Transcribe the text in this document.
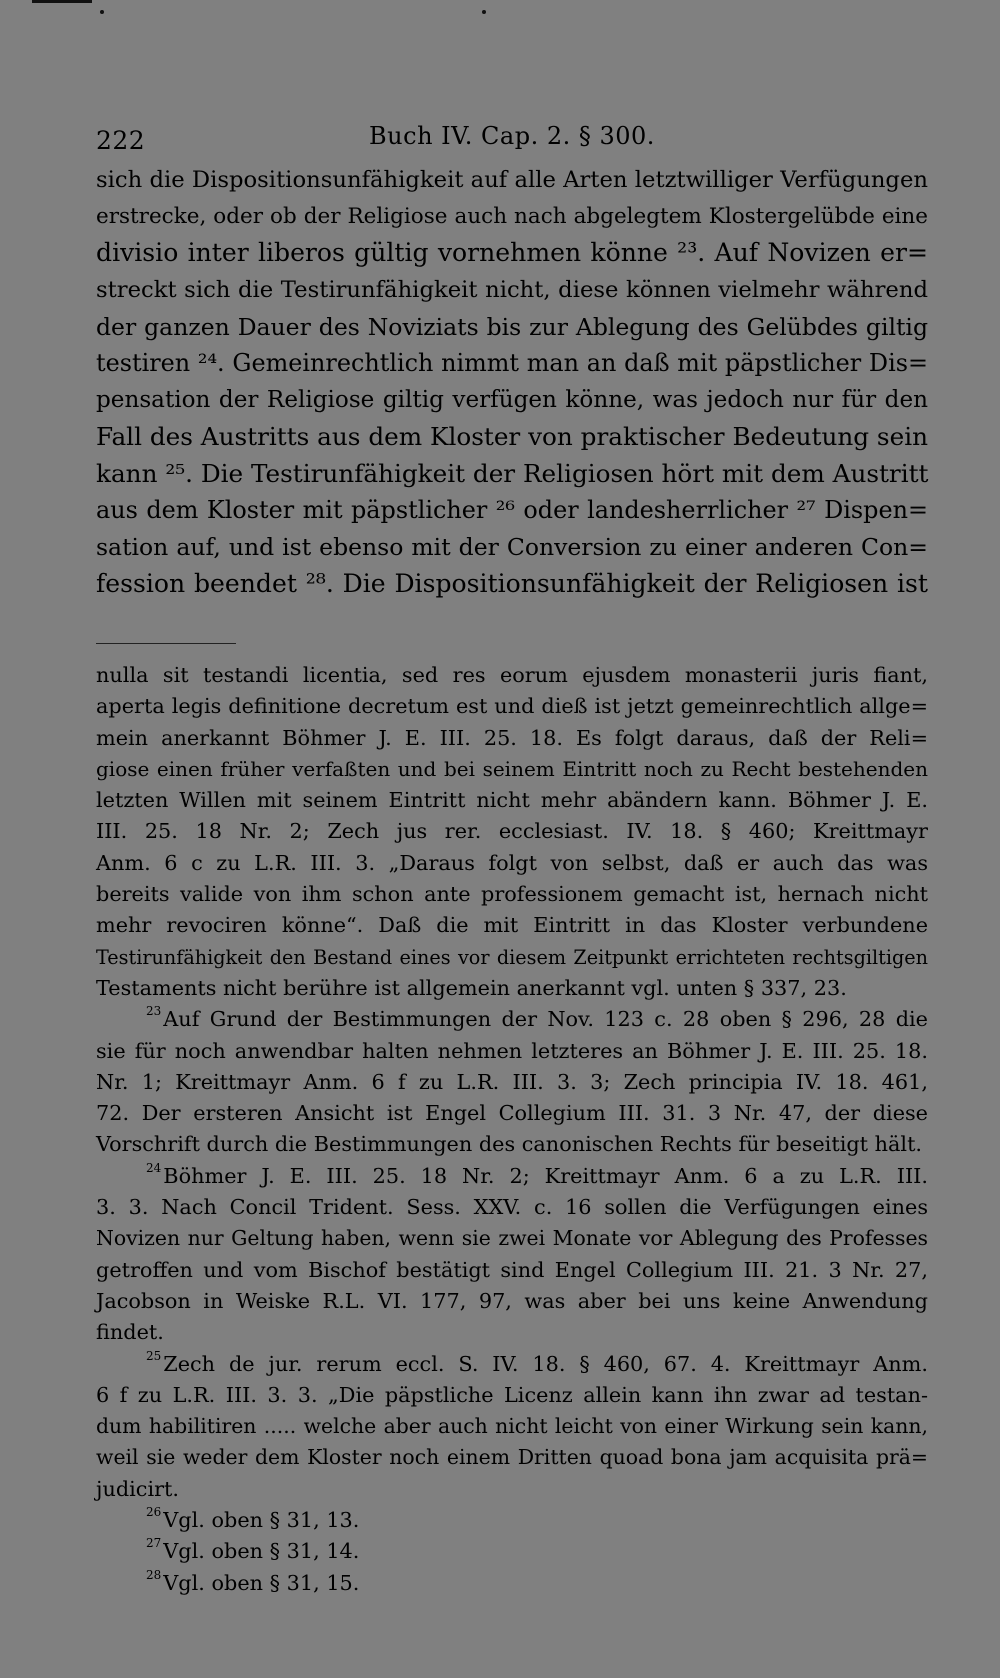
222	Buch IV. Cap. 2. § 300.
sich die Dispositionsunfähigkeit auf alle Arten letztwilliger Verfügungen
erstrecke, oder ob der Religiose auch nach abgelegtem Klostergelübde eine
divisio inter liberos gültig vornehmen könne ²³. Auf Novizen er=
streckt sich die Testirunfähigkeit nicht, diese können vielmehr während
der ganzen Dauer des Noviziats bis zur Ablegung des Gelübdes giltig
testiren ²⁴. Gemeinrechtlich nimmt man an daß mit päpstlicher Dis=
pensation der Religiose giltig verfügen könne, was jedoch nur für den
Fall des Austritts aus dem Kloster von praktischer Bedeutung sein
kann ²⁵. Die Testirunfähigkeit der Religiosen hört mit dem Austritt
aus dem Kloster mit päpstlicher ²⁶ oder landesherrlicher ²⁷ Dispen=
sation auf, und ist ebenso mit der Conversion zu einer anderen Con=
fession beendet ²⁸. Die Dispositionsunfähigkeit der Religiosen ist
nulla sit testandi licentia, sed res eorum ejusdem monasterii juris fiant,
aperta legis definitione decretum est und dieß ist jetzt gemeinrechtlich allge=
mein anerkannt Böhmer J. E. III. 25. 18. Es folgt daraus, daß der Reli=
giose einen früher verfaßten und bei seinem Eintritt noch zu Recht bestehenden
letzten Willen mit seinem Eintritt nicht mehr abändern kann. Böhmer J. E.
III. 25. 18 Nr. 2; Zech jus rer. ecclesiast. IV. 18. § 460; Kreittmayr
Anm. 6 c zu L.R. III. 3. „Daraus folgt von selbst, daß er auch das was
bereits valide von ihm schon ante professionem gemacht ist, hernach nicht
mehr revociren könne“. Daß die mit Eintritt in das Kloster verbundene
Testirunfähigkeit den Bestand eines vor diesem Zeitpunkt errichteten rechtsgiltigen
Testaments nicht berühre ist allgemein anerkannt vgl. unten § 337, 23.
$^{23}$Auf Grund der Bestimmungen der Nov. 123 c. 28 oben § 296, 28 die
sie für noch anwendbar halten nehmen letzteres an Böhmer J. E. III. 25. 18.
Nr. 1; Kreittmayr Anm. 6 f zu L.R. III. 3. 3; Zech principia IV. 18. 461,
72. Der ersteren Ansicht ist Engel Collegium III. 31. 3 Nr. 47, der diese
Vorschrift durch die Bestimmungen des canonischen Rechts für beseitigt hält.
$^{24}$Böhmer J. E. III. 25. 18 Nr. 2; Kreittmayr Anm. 6 a zu L.R. III.
3. 3. Nach Concil Trident. Sess. XXV. c. 16 sollen die Verfügungen eines
Novizen nur Geltung haben, wenn sie zwei Monate vor Ablegung des Professes
getroffen und vom Bischof bestätigt sind Engel Collegium III. 21. 3 Nr. 27,
Jacobson in Weiske R.L. VI. 177, 97, was aber bei uns keine Anwendung
findet.
$^{25}$Zech de jur. rerum eccl. S. IV. 18. § 460, 67. 4. Kreittmayr Anm.
6 f zu L.R. III. 3. 3. „Die päpstliche Licenz allein kann ihn zwar ad testan-
dum habilitiren ..... welche aber auch nicht leicht von einer Wirkung sein kann,
weil sie weder dem Kloster noch einem Dritten quoad bona jam acquisita prä=
judicirt.
$^{26}$Vgl. oben § 31, 13.
$^{27}$Vgl. oben § 31, 14.
$^{28}$Vgl. oben § 31, 15.
